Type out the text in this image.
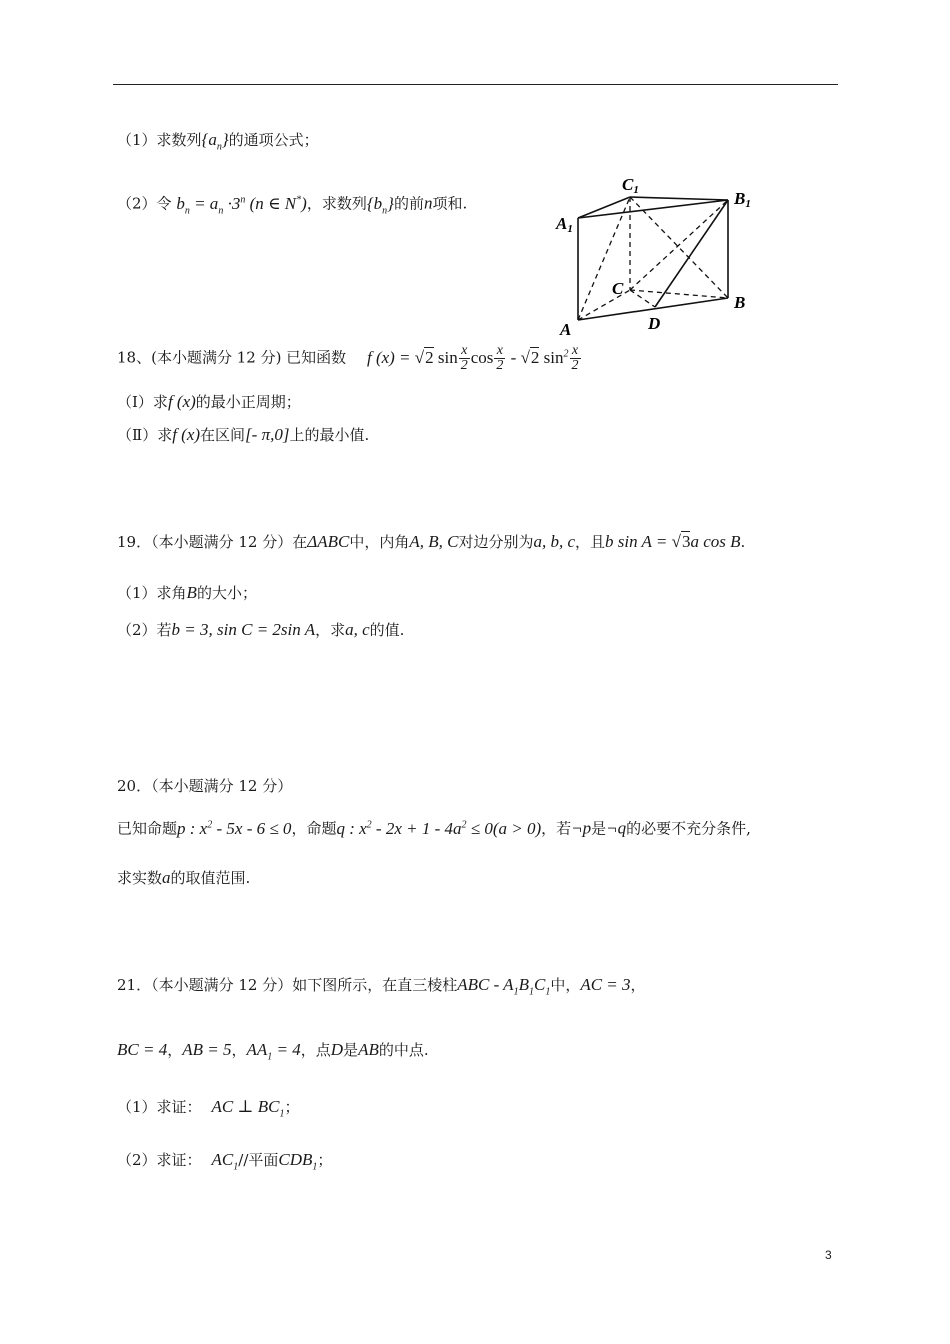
（1）求数列$\{a_n\}$的通项公式；
（2）令 $b_n = a_n \cdot 3^n$ (n ∈ N*)，求数列$\{b_n\}$的前n项和.
C1	B1
A1
C
B
A	D
18、(本小题满分 12 分) 已知函数 f (x) = √2 $\sin \frac{x}{2}$ $\cos \frac{x}{2} - √2$ $\sin^2 \frac{x}{2}$
（Ⅰ）求f (x)的最小正周期；
（Ⅱ）求f (x)在区间[- π,0]上的最小值.
19．（本小题满分 12 分）在ΔABC中，内角A, B, C对边分别为a, b, c，且b sin A = √3a cos B.
（1）求角B的大小；
（2）若b = 3, sin C = 2sin A，求a, c的值.
20．（本小题满分 12 分）
已知命题p : $x^2 - 5x - 6 \le 0$，命题q : $x^2 - 2x + 1 - 4a^2 \le 0(a > 0)$，若¬p是¬q的必要不充分条件,
求实数a的取值范围.
21．（本小题满分 12 分）如下图所示，在直三棱柱ABC - $A_1B_1C_1$中，AC = 3，
BC = 4，AB = 5，$AA_1 = 4$，点D是AB的中点.
（1）求证： AC ⊥ $BC_1$；
（2）求证： $AC_1//$平面$CDB_1$；
3
